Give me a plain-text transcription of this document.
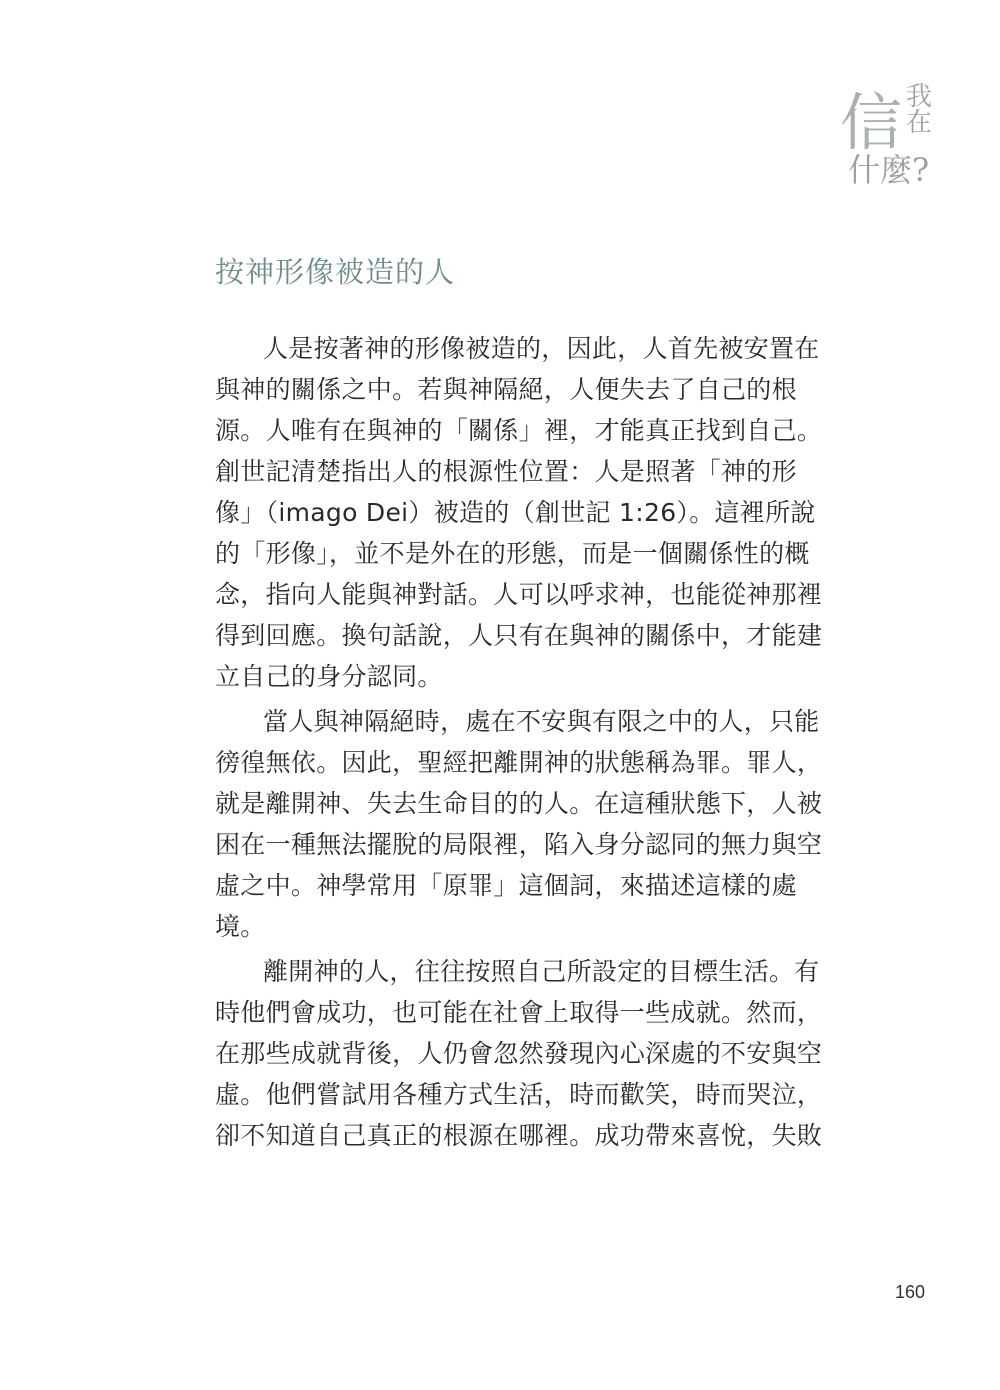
信 我
在
什麼?
按神形像被造的人
人是按著神的形像被造的，因此，人首先被安置在
與神的關係之中。若與神隔絕，人便失去了自己的根
源。人唯有在與神的「關係」裡，才能真正找到自己。
創世記清楚指出人的根源性位置：人是照著「神的形
像」（imago Dei）被造的（創世記 1:26）。這裡所說
的「形像」，並不是外在的形態，而是一個關係性的概
念，指向人能與神對話。人可以呼求神，也能從神那裡
得到回應。換句話說，人只有在與神的關係中，才能建
立自己的身分認同。
當人與神隔絕時，處在不安與有限之中的人，只能
徬徨無依。因此，聖經把離開神的狀態稱為罪。罪人，
就是離開神、失去生命目的的人。在這種狀態下，人被
困在一種無法擺脫的局限裡，陷入身分認同的無力與空
虛之中。神學常用「原罪」這個詞，來描述這樣的處
境。
離開神的人，往往按照自己所設定的目標生活。有
時他們會成功，也可能在社會上取得一些成就。然而，
在那些成就背後，人仍會忽然發現內心深處的不安與空
虛。他們嘗試用各種方式生活，時而歡笑，時而哭泣，
卻不知道自己真正的根源在哪裡。成功帶來喜悅，失敗
160
